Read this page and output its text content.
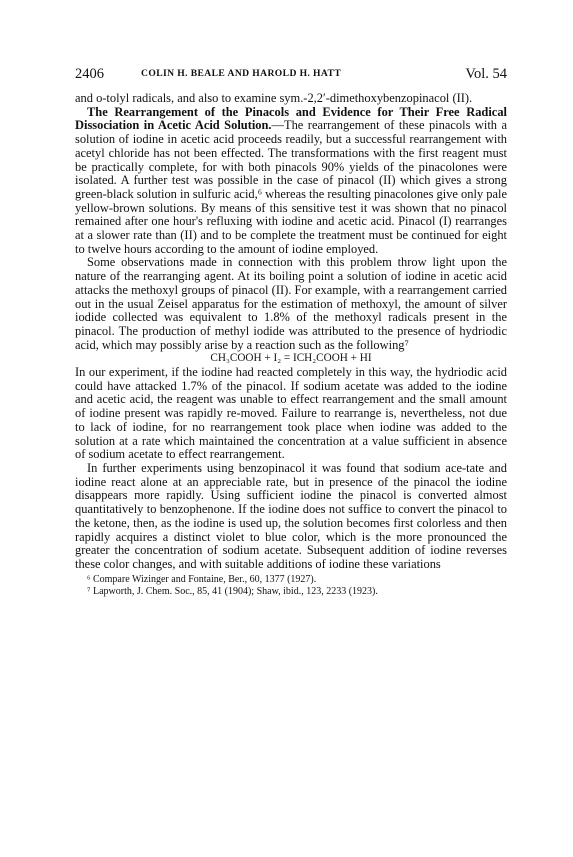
2406	COLIN H. BEALE AND HAROLD H. HATT	Vol. 54

and o-tolyl radicals, and also to examine sym.-2,2′-dimethoxybenzopinacol (II).

The Rearrangement of the Pinacols and Evidence for Their Free Radical Dissociation in Acetic Acid Solution.—The rearrangement of these pinacols with a solution of iodine in acetic acid proceeds readily, but a successful rearrangement with acetyl chloride has not been effected. The transformations with the first reagent must be practically complete, for with both pinacols 90% yields of the pinacolones were isolated. A further test was possible in the case of pinacol (II) which gives a strong green-black solution in sulfuric acid,⁶ whereas the resulting pinacolones give only pale yellow-brown solutions. By means of this sensitive test it was shown that no pinacol remained after one hour's refluxing with iodine and acetic acid. Pinacol (I) rearranges at a slower rate than (II) and to be complete the treatment must be continued for eight to twelve hours according to the amount of iodine employed.

Some observations made in connection with this problem throw light upon the nature of the rearranging agent. At its boiling point a solution of iodine in acetic acid attacks the methoxyl groups of pinacol (II). For example, with a rearrangement carried out in the usual Zeisel apparatus for the estimation of methoxyl, the amount of silver iodide collected was equivalent to 1.8% of the methoxyl radicals present in the pinacol. The production of methyl iodide was attributed to the presence of hydriodic acid, which may possibly arise by a reaction such as the following⁷

CH₃COOH + I₂ = ICH₂COOH + HI

In our experiment, if the iodine had reacted completely in this way, the hydriodic acid could have attacked 1.7% of the pinacol. If sodium acetate was added to the iodine and acetic acid, the reagent was unable to effect rearrangement and the small amount of iodine present was rapidly re-moved. Failure to rearrange is, nevertheless, not due to lack of iodine, for no rearrangement took place when iodine was added to the solution at a rate which maintained the concentration at a value sufficient in absence of sodium acetate to effect rearrangement.

In further experiments using benzopinacol it was found that sodium ace-tate and iodine react alone at an appreciable rate, but in presence of the pinacol the iodine disappears more rapidly. Using sufficient iodine the pinacol is converted almost quantitatively to benzophenone. If the iodine does not suffice to convert the pinacol to the ketone, then, as the iodine is used up, the solution becomes first colorless and then rapidly acquires a distinct violet to blue color, which is the more pronounced the greater the concentration of sodium acetate. Subsequent addition of iodine reverses these color changes, and with suitable additions of iodine these variations

⁶ Compare Wizinger and Fontaine, Ber., 60, 1377 (1927).

⁷ Lapworth, J. Chem. Soc., 85, 41 (1904); Shaw, ibid., 123, 2233 (1923).
